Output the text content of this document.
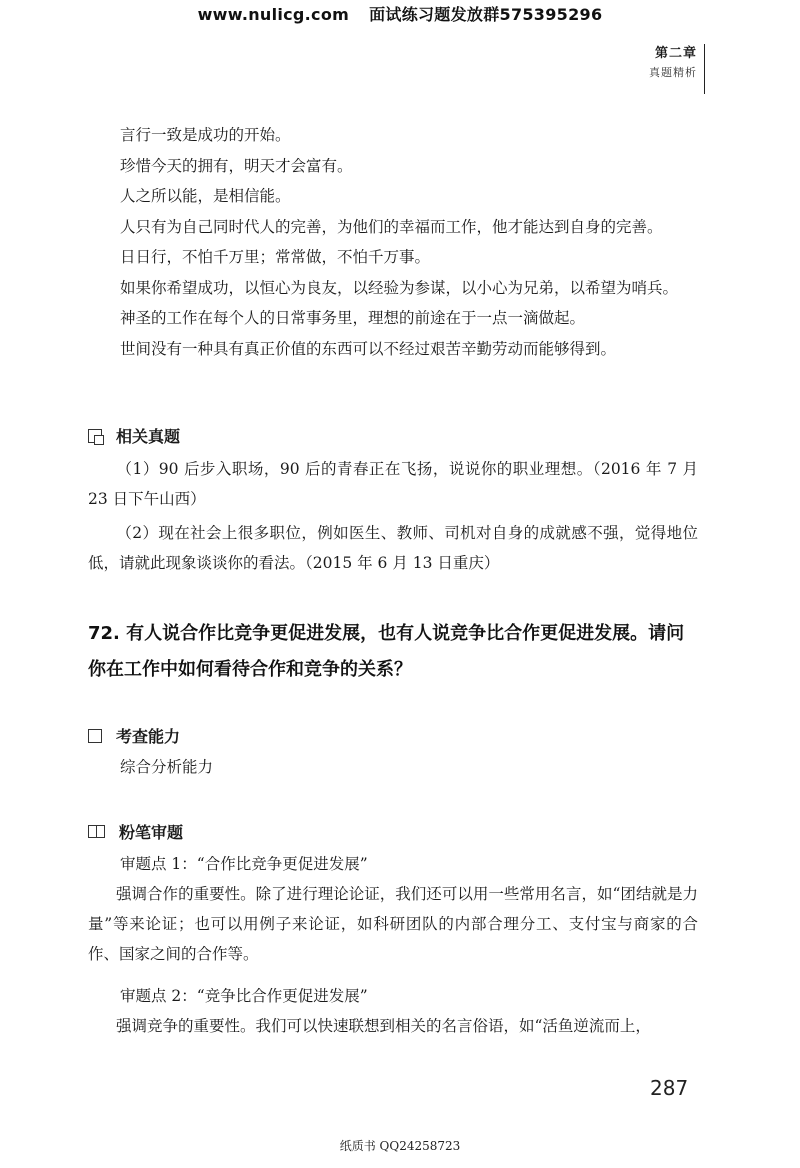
www.nulicg.com 面试练习题发放群575395296
第二章
真题精析
言行一致是成功的开始。
珍惜今天的拥有，明天才会富有。
人之所以能，是相信能。
人只有为自己同时代人的完善，为他们的幸福而工作，他才能达到自身的完善。
日日行，不怕千万里；常常做，不怕千万事。
如果你希望成功，以恒心为良友，以经验为参谋，以小心为兄弟，以希望为哨兵。
神圣的工作在每个人的日常事务里，理想的前途在于一点一滴做起。
世间没有一种具有真正价值的东西可以不经过艰苦辛勤劳动而能够得到。
相关真题

（1）90 后步入职场，90 后的青春正在飞扬，说说你的职业理想。（2016 年 7 月 23 日下午山西）

（2）现在社会上很多职位，例如医生、教师、司机对自身的成就感不强，觉得地位低，请就此现象谈谈你的看法。（2015 年 6 月 13 日重庆）

72. 有人说合作比竞争更促进发展，也有人说竞争比合作更促进发展。请问你在工作中如何看待合作和竞争的关系？

考查能力
综合分析能力
粉笔审题
审题点 1：“合作比竞争更促进发展”

强调合作的重要性。除了进行理论论证，我们还可以用一些常用名言，如“团结就是力量”等来论证；也可以用例子来论证，如科研团队的内部合理分工、支付宝与商家的合作、国家之间的合作等。

审题点 2：“竞争比合作更促进发展”

强调竞争的重要性。我们可以快速联想到相关的名言俗语，如“活鱼逆流而上，

287
纸质书 QQ24258723
